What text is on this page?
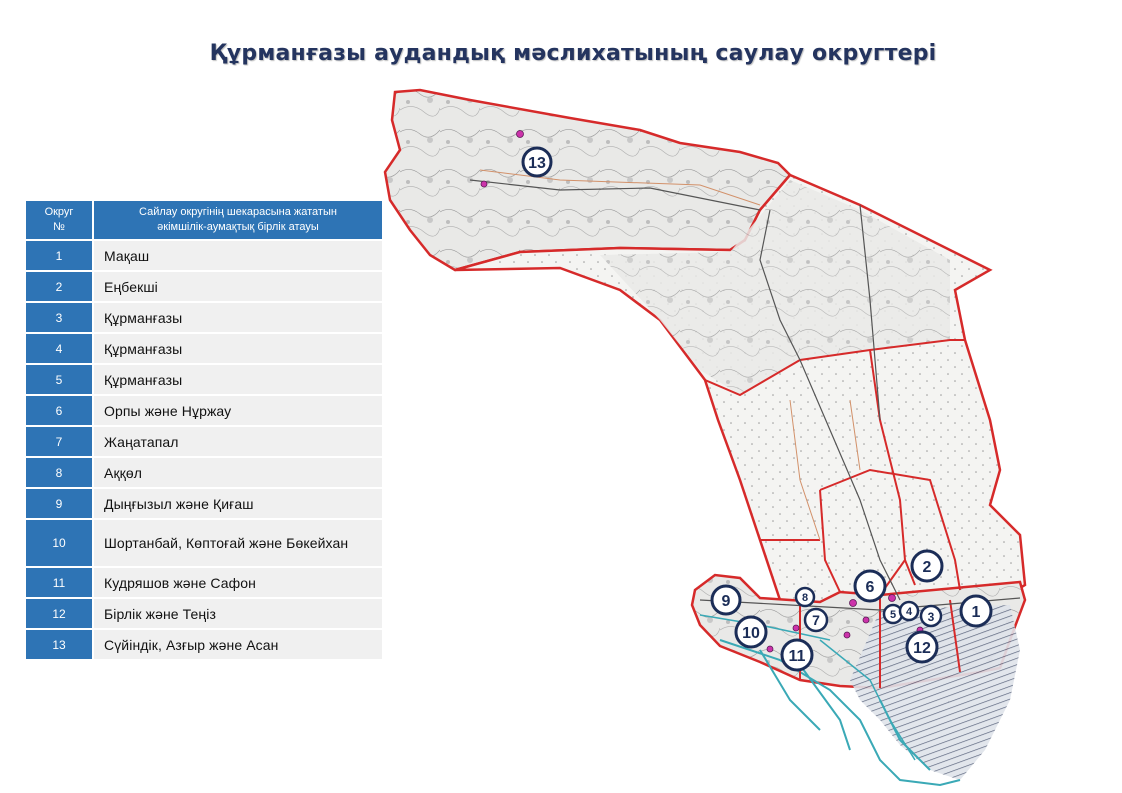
Құрманғазы аудандық мәслихатының саулау округтері
Округ
№	Сайлау округінің шекарасына жататын
әкімшілік-аумақтық бірлік атауы
1	Мақаш
2	Еңбекші
3	Құрманғазы
4	Құрманғазы
5	Құрманғазы
6	Орпы және Нұржау
7	Жаңатапал
8	Аққөл
9	Дыңғызыл және Қиғаш
10	Шортанбай, Көптоғай және Бөкейхан
11	Кудряшов және Сафон
12	Бірлік және Теңіз
13	Сүйіндік, Азғыр және Асан
13
9	8
7
10
11
6
2
5 4 3 1
12
